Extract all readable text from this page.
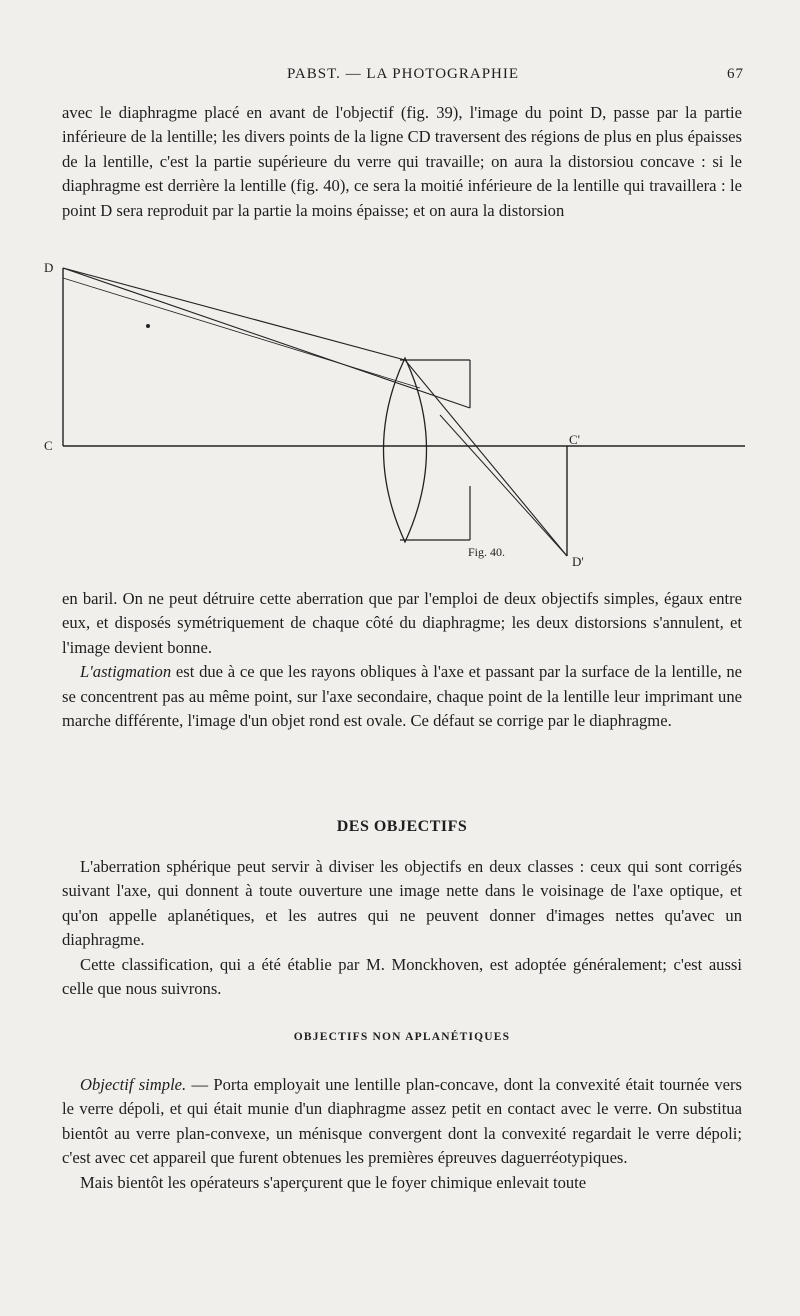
PABST. — LA PHOTOGRAPHIE	67

avec le diaphragme placé en avant de l'objectif (fig. 39), l'image du point D, passe par la partie inférieure de la lentille; les divers points de la ligne CD traversent des régions de plus en plus épaisses de la lentille, c'est la partie supérieure du verre qui travaille; on aura la distorsiou concave : si le diaphragme est derrière la lentille (fig. 40), ce sera la moitié inférieure de la lentille qui travaillera : le point D sera reproduit par la partie la moins épaisse; et on aura la distorsion

D
C	C'
D'
Fig. 40.

en baril. On ne peut détruire cette aberration que par l'emploi de deux objectifs simples, égaux entre eux, et disposés symétriquement de chaque côté du diaphragme; les deux distorsions s'annulent, et l'image devient bonne.

L'astigmation est due à ce que les rayons obliques à l'axe et passant par la surface de la lentille, ne se concentrent pas au même point, sur l'axe secondaire, chaque point de la lentille leur imprimant une marche différente, l'image d'un objet rond est ovale. Ce défaut se corrige par le diaphragme.

DES OBJECTIFS

L'aberration sphérique peut servir à diviser les objectifs en deux classes : ceux qui sont corrigés suivant l'axe, qui donnent à toute ouverture une image nette dans le voisinage de l'axe optique, et qu'on appelle aplanétiques, et les autres qui ne peuvent donner d'images nettes qu'avec un diaphragme.

Cette classification, qui a été établie par M. Monckhoven, est adoptée généralement; c'est aussi celle que nous suivrons.

OBJECTIFS NON APLANÉTIQUES

Objectif simple. — Porta employait une lentille plan-concave, dont la convexité était tournée vers le verre dépoli, et qui était munie d'un diaphragme assez petit en contact avec le verre. On substitua bientôt au verre plan-convexe, un ménisque convergent dont la convexité regardait le verre dépoli; c'est avec cet appareil que furent obtenues les premières épreuves daguerréotypiques.

Mais bientôt les opérateurs s'aperçurent que le foyer chimique enlevait toute
